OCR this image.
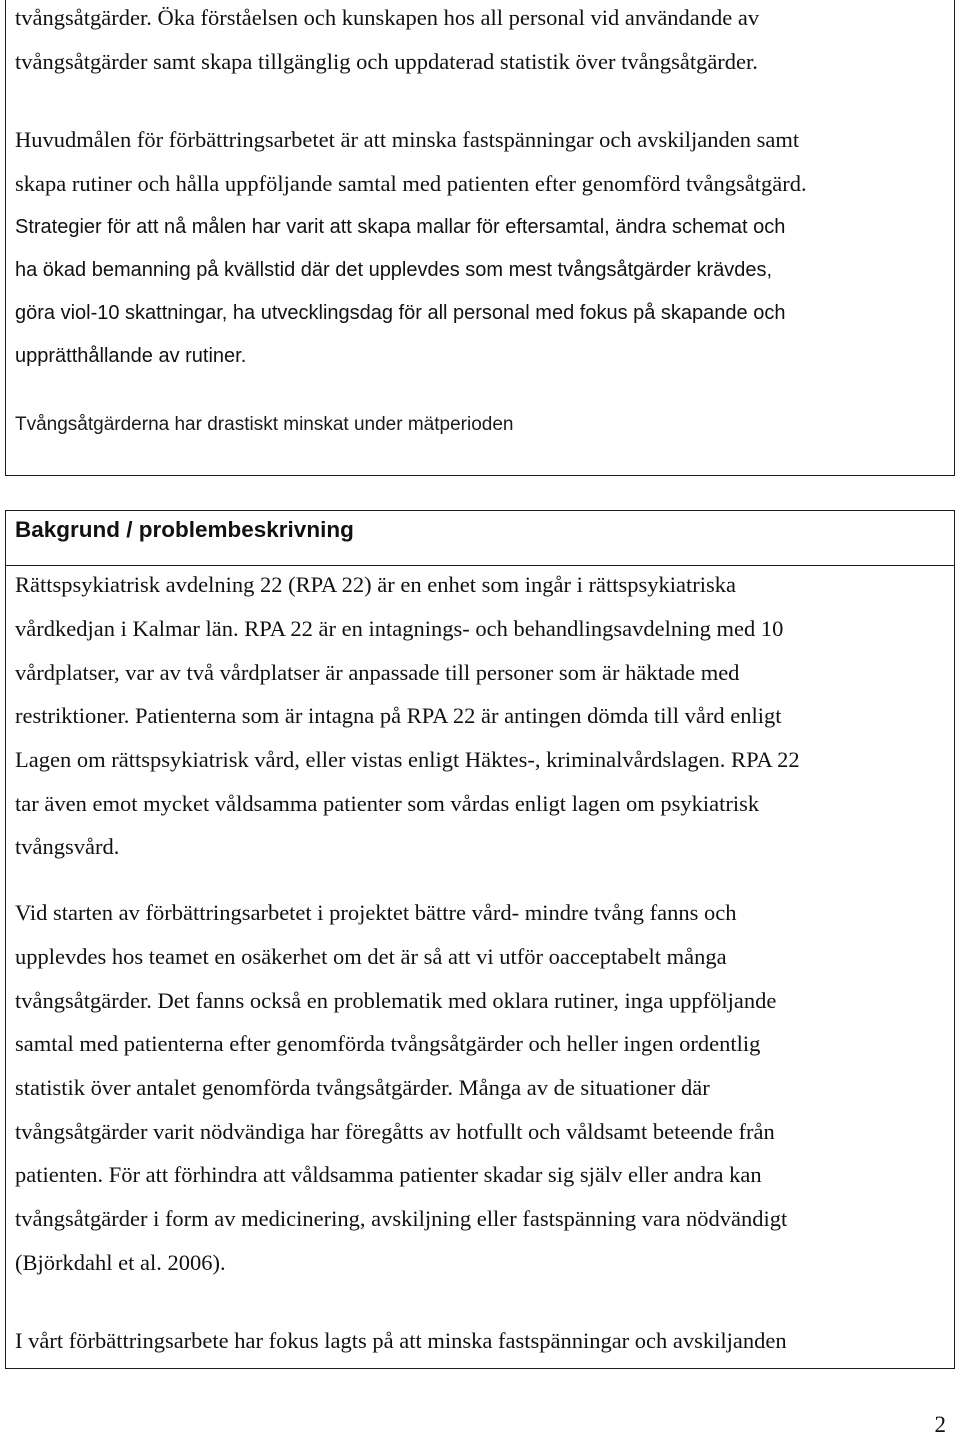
tvångsåtgärder. Öka förståelsen och kunskapen hos all personal vid användande av
tvångsåtgärder samt skapa tillgänglig och uppdaterad statistik över tvångsåtgärder.
Huvudmålen för förbättringsarbetet är att minska fastspänningar och avskiljanden samt
skapa rutiner och hålla uppföljande samtal med patienten efter genomförd tvångsåtgärd.
Strategier för att nå målen har varit att skapa mallar för eftersamtal, ändra schemat och
ha ökad bemanning på kvällstid där det upplevdes som mest tvångsåtgärder krävdes,
göra viol-10 skattningar, ha utvecklingsdag för all personal med fokus på skapande och
upprätthållande av rutiner.
Tvångsåtgärderna har drastiskt minskat under mätperioden
Bakgrund / problembeskrivning
Rättspsykiatrisk avdelning 22 (RPA 22) är en enhet som ingår i rättspsykiatriska
vårdkedjan i Kalmar län. RPA 22 är en intagnings- och behandlingsavdelning med 10
vårdplatser, var av två vårdplatser är anpassade till personer som är häktade med
restriktioner. Patienterna som är intagna på RPA 22 är antingen dömda till vård enligt
Lagen om rättspsykiatrisk vård, eller vistas enligt Häktes-, kriminalvårdslagen. RPA 22
tar även emot mycket våldsamma patienter som vårdas enligt lagen om psykiatrisk
tvångsvård.
Vid starten av förbättringsarbetet i projektet bättre vård- mindre tvång fanns och
upplevdes hos teamet en osäkerhet om det är så att vi utför oacceptabelt många
tvångsåtgärder. Det fanns också en problematik med oklara rutiner, inga uppföljande
samtal med patienterna efter genomförda tvångsåtgärder och heller ingen ordentlig
statistik över antalet genomförda tvångsåtgärder. Många av de situationer där
tvångsåtgärder varit nödvändiga har föregåtts av hotfullt och våldsamt beteende från
patienten. För att förhindra att våldsamma patienter skadar sig själv eller andra kan
tvångsåtgärder i form av medicinering, avskiljning eller fastspänning vara nödvändigt
(Björkdahl et al. 2006).
I vårt förbättringsarbete har fokus lagts på att minska fastspänningar och avskiljanden
2
